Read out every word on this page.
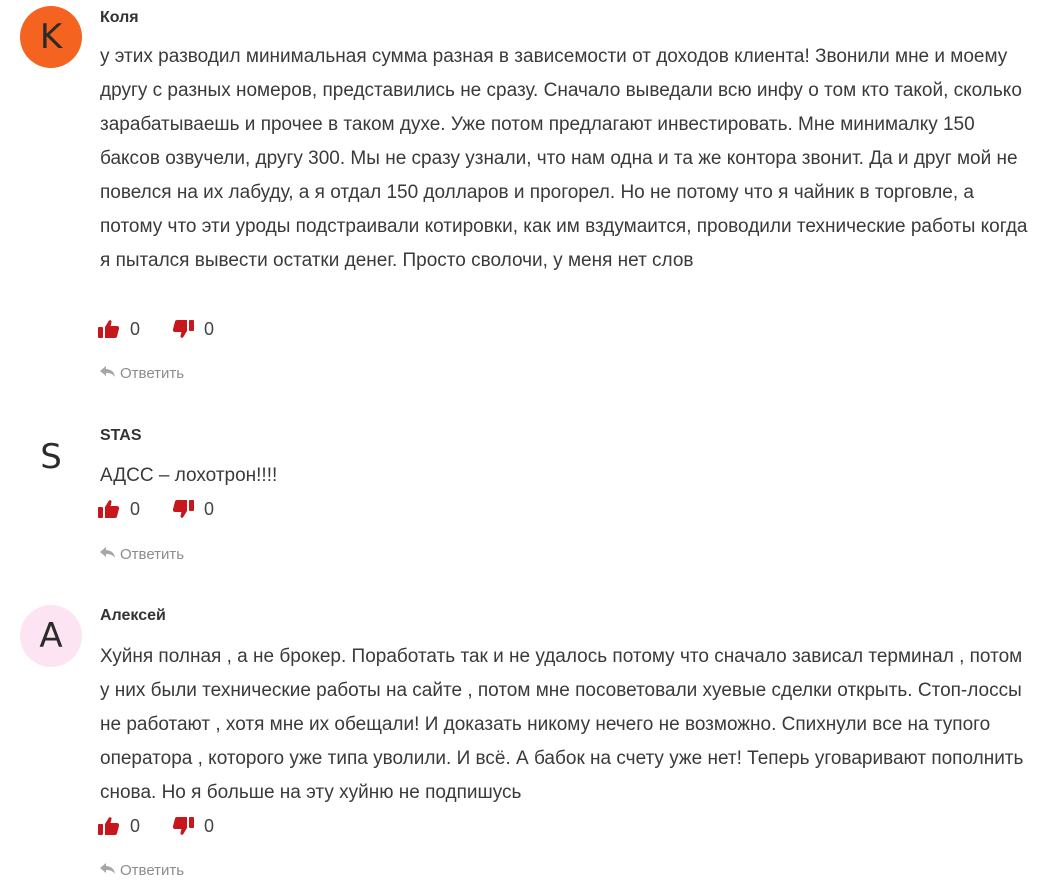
K	Коля

у этих разводил минимальная сумма разная в зависемости от доходов клиента! Звонили мне и моему другу с разных номеров, представились не сразу. Сначало выведали всю инфу о том кто такой, сколько зарабатываешь и прочее в таком духе. Уже потом предлагают инвестировать. Мне минималку 150 баксов озвучели, другу 300. Мы не сразу узнали, что нам одна и та же контора звонит. Да и друг мой не повелся на их лабуду, а я отдал 150 долларов и прогорел. Но не потому что я чайник в торговле, а потому что эти уроды подстраивали котировки, как им вздумаится, проводили технические работы когда я пытался вывести остатки денег. Просто сволочи, у меня нет слов

0	0
Ответить
S
STAS

АДСС – лохотрон!!!!

0	0
Ответить
A
Алексей

Хуйня полная , а не брокер. Поработать так и не удалось потому что сначало зависал терминал , потом у них были технические работы на сайте , потом мне посоветовали хуевые сделки открыть. Стоп-лоссы не работают , хотя мне их обещали! И доказать никому нечего не возможно. Спихнули все на тупого оператора , которого уже типа уволили. И всё. А бабок на счету уже нет! Теперь уговаривают пополнить снова. Но я больше на эту хуйню не подпишусь

0	0
Ответить
